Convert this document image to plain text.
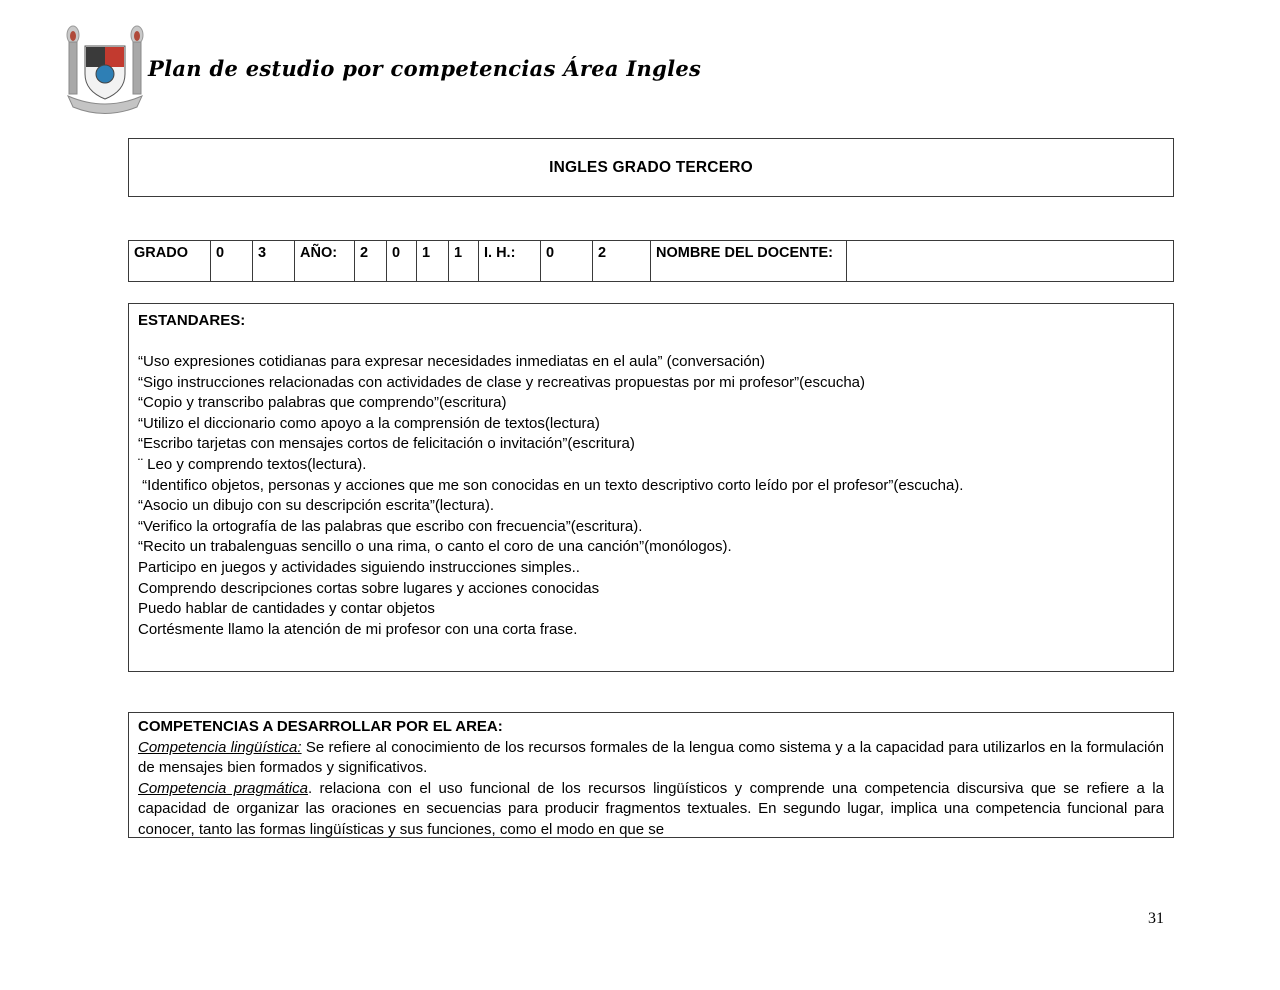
Plan de estudio por competencias Área Ingles
INGLES GRADO TERCERO
GRADO	0	3	AÑO:	2	0	1	1	I. H.:	0	2	NOMBRE DEL DOCENTE:
ESTANDARES:
“Uso expresiones cotidianas para expresar necesidades inmediatas en el aula” (conversación)
“Sigo instrucciones relacionadas con actividades de clase y recreativas propuestas por mi profesor”(escucha)
“Copio y transcribo palabras que comprendo”(escritura)
“Utilizo el diccionario como apoyo a la comprensión de textos(lectura)
“Escribo tarjetas con mensajes cortos de felicitación o invitación”(escritura)
¨ Leo y comprendo textos(lectura).
“Identifico objetos, personas y acciones que me son conocidas en un texto descriptivo corto leído por el profesor”(escucha).
“Asocio un dibujo con su descripción escrita”(lectura).
“Verifico la ortografía de las palabras que escribo con frecuencia”(escritura).
“Recito un trabalenguas sencillo o una rima, o canto el coro de una canción”(monólogos).
Participo en juegos y actividades siguiendo instrucciones simples..
Comprendo descripciones cortas sobre lugares y acciones conocidas
Puedo hablar de cantidades y contar objetos
Cortésmente llamo la atención de mi profesor con una corta frase.
COMPETENCIAS A DESARROLLAR POR EL AREA:
Competencia lingüística: Se refiere al conocimiento de los recursos formales de la lengua como sistema y a la capacidad para utilizarlos en la formulación de mensajes bien formados y significativos.
Competencia pragmática. relaciona con el uso funcional de los recursos lingüísticos y comprende una competencia discursiva que se refiere a la capacidad de organizar las oraciones en secuencias para producir fragmentos textuales. En segundo lugar, implica una competencia funcional para conocer, tanto las formas lingüísticas y sus funciones, como el modo en que se
31
